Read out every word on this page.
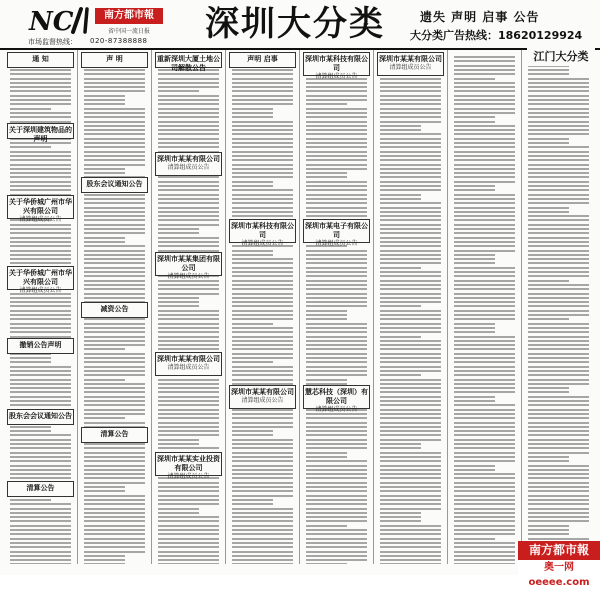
NC	南方都市報
省中国一流日报
市场监督热线： 020-87388888 深圳大分类	遗失 声明 启事 公告
大分类广告热线：18620129924
通 知
关于深圳建筑物品的声明
关于华侨城广州市华兴有限公司
清算组成员公告
关于华侨城广州市华兴有限公司
清算组成员公告
撤销公告声明
股东会会议通知公告
清算公告
声 明
股东会议通知公告
减资公告
清算公告
重新深圳大厦土地公司解散公告
深圳市某某有限公司
清算组成员公告
深圳市某某集团有限公司
清算组成员公告
深圳市某某有限公司
清算组成员公告
深圳市某某实业投资有限公司
清算组成员公告
声明 启事
深圳市某科技有限公司
清算组成员公告
深圳市某某有限公司
清算组成员公告
深圳市某科技有限公司
清算组成员公告
深圳市某电子有限公司
清算组成员公告
慧芯科技（深圳）有限公司
清算组成员公告
深圳市某某有限公司
清算组成员公告
江门大分类
南方都市報
奥一网 oeeee.com
